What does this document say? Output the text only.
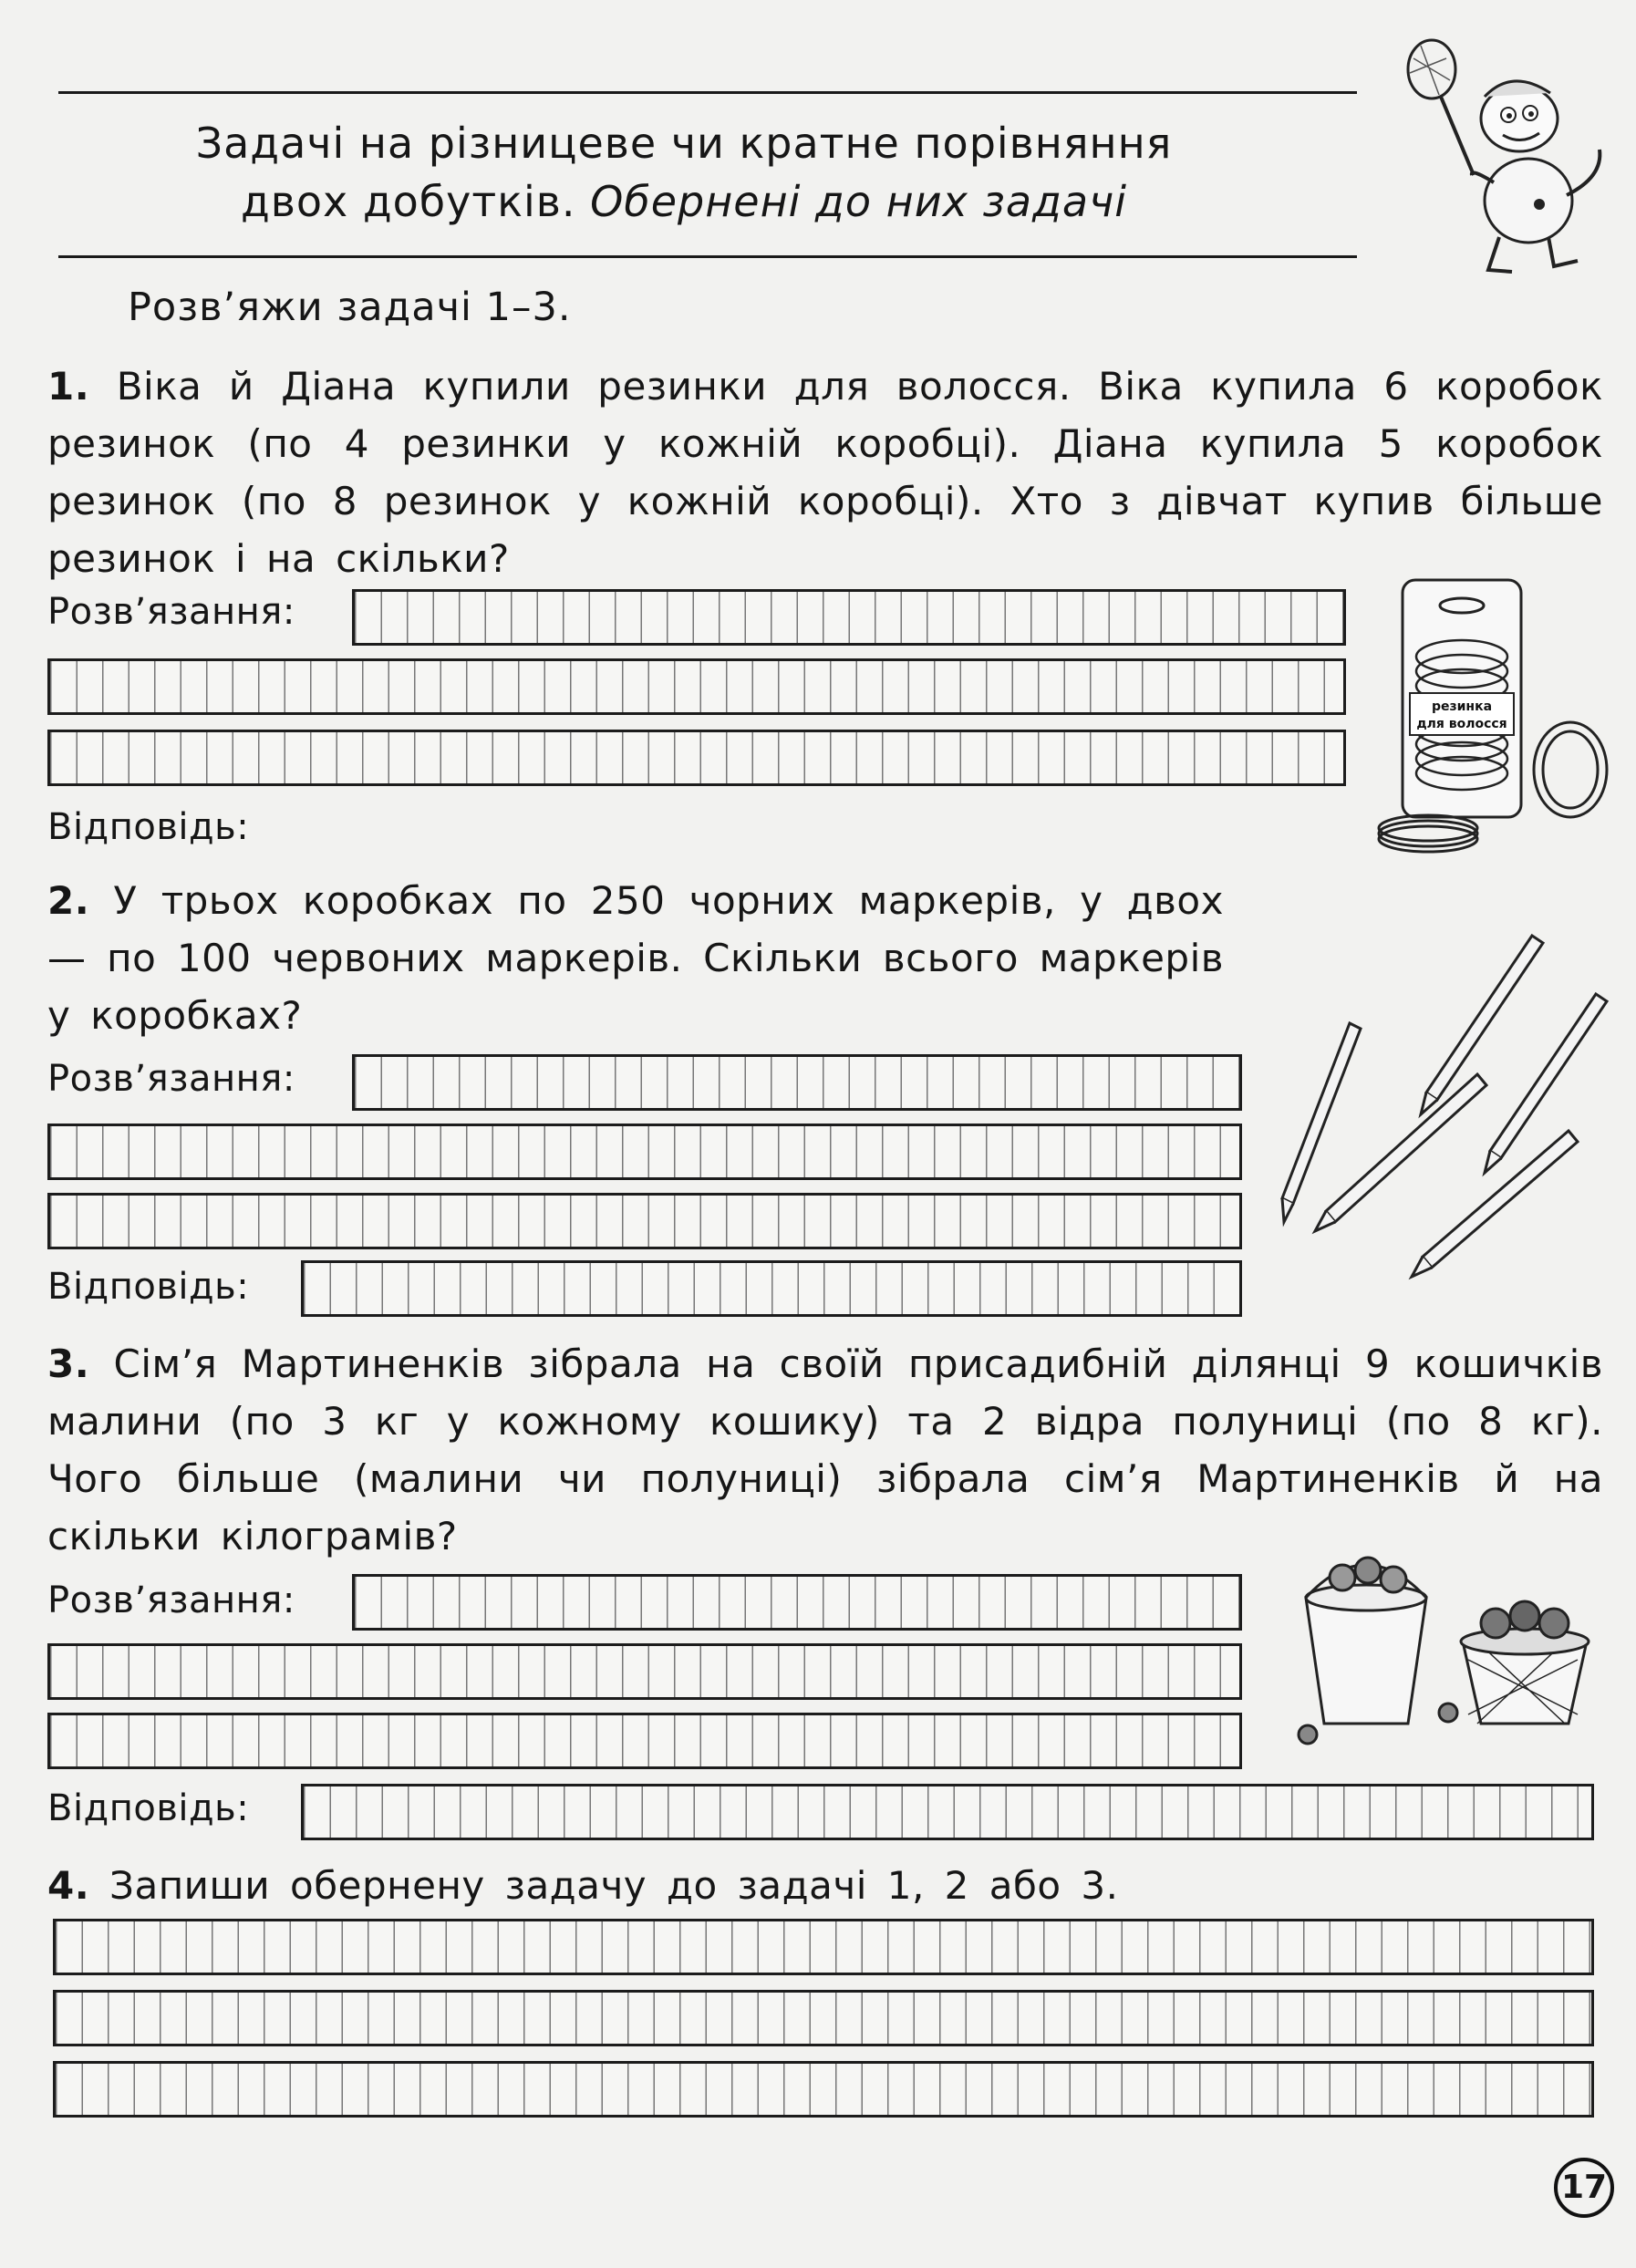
Задачі на різницеве чи кратне порівняння
двох добутків. Обернені до них задачі
Розв’яжи задачі 1–3.
1. Віка й Діана купили резинки для волосся. Віка купила 6 коробок резинок (по 4 резинки у кожній коробці). Діана купила 5 коробок резинок (по 8 резинок у кожній коробці). Хто з дівчат купив більше резинок і на скільки?
Розв’язання:
Відповідь:
резинка
для волосся
2. У трьох коробках по 250 чорних маркерів, у двох — по 100 червоних маркерів. Скільки всього маркерів у коробках?
Розв’язання:
Відповідь:
3. Сім’я Мартиненків зібрала на своїй присадибній ділянці 9 кошичків малини (по 3 кг у кожному кошику) та 2 відра полуниці (по 8 кг). Чого більше (малини чи полуниці) зібрала сім’я Мартиненків й на скільки кілограмів?
Розв’язання:
Відповідь:
4. Запиши обернену задачу до задачі 1, 2 або 3.
17
